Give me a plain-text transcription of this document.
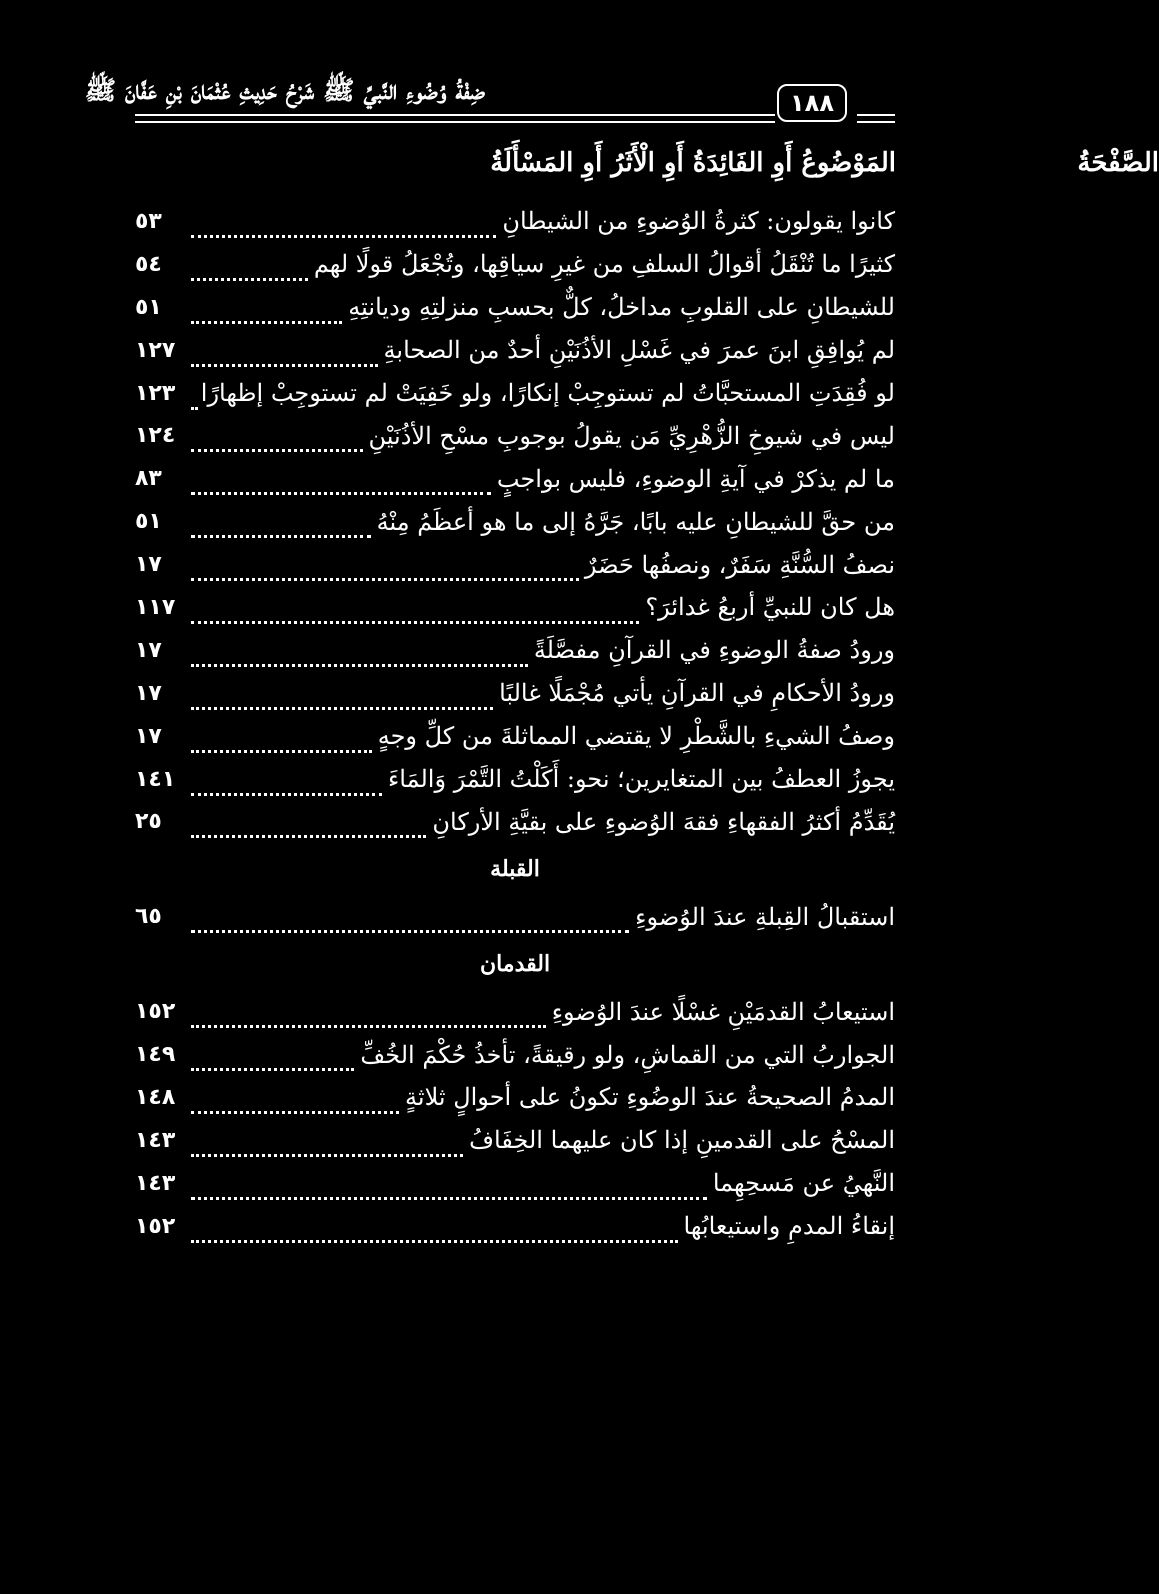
ضِفْةُ وُضُوءِ النَّبيِّ ﷺ شَرْحُ حَدِيثِ عُثْمَانَ بْنِ عَفَّانَ ﷺ	١٨٨
المَوْضُوعُ أَوِ الفَائِدَةُ أَوِ الْأَثَرُ أَوِ المَسْأَلَةُ	الصَّفْحَةُ
٥٣	كانوا يقولون: كثرةُ الوُضوءِ من الشيطانِ
٥٤	كثيرًا ما تُنْقَلُ أقوالُ السلفِ من غيرِ سياقِها، وتُجْعَلُ قولًا لهم
٥١	للشيطانِ على القلوبِ مداخلُ، كلٌّ بحسبِ منزلتِهِ وديانتِهِ
١٢٧	لم يُوافِقِ ابنَ عمرَ في غَسْلِ الأذُنَيْنِ أحدٌ من الصحابةِ
١٢٣	لو فُقِدَتِ المستحبَّاتُ لم تستوجِبْ إنكارًا، ولو خَفِيَتْ لم تستوجِبْ إظهارًا
١٢٤	ليس في شيوخِ الزُّهْرِيِّ مَن يقولُ بوجوبِ مسْحِ الأذُنَيْنِ
٨٣	ما لم يذكرْ في آيةِ الوضوءِ، فليس بواجبٍ
٥١	من حقَّ للشيطانِ عليه بابًا، جَرَّهُ إلى ما هو أعظَمُ مِنْهُ
١٧	نصفُ السُّنَّةِ سَفَرٌ، ونصفُها حَضَرٌ
١١٧	هل كان للنبيِّ أربعُ غدائرَ؟
١٧	ورودُ صفةُ الوضوءِ في القرآنِ مفصَّلَةً
١٧	ورودُ الأحكامِ في القرآنِ يأتي مُجْمَلًا غالبًا
١٧	وصفُ الشيءِ بالشَّطْرِ لا يقتضي المماثلةَ من كلِّ وجهٍ
١٤١	يجوزُ العطفُ بين المتغايرين؛ نحو: أَكَلْتُ التَّمْرَ وَالمَاءَ
٢٥	يُقَدِّمُ أكثرُ الفقهاءِ فقهَ الوُضوءِ على بقيَّةِ الأركانِ
القبلة
٦٥	استقبالُ القِبلةِ عندَ الوُضوءِ
القدمان
١٥٢	استيعابُ القدمَيْنِ غسْلًا عندَ الوُضوءِ
١٤٩	الجواربُ التي من القماشِ، ولو رقيقةً، تأخذُ حُكْمَ الخُفِّ
١٤٨	المدمُ الصحيحةُ عندَ الوضُوءِ تكونُ على أحوالٍ ثلاثةٍ
١٤٣	المسْحُ على القدمينِ إذا كان عليهما الخِفَافُ
١٤٣	النَّهيُ عن مَسحِهِما
١٥٢	إنقاءُ المدمِ واستيعابُها
